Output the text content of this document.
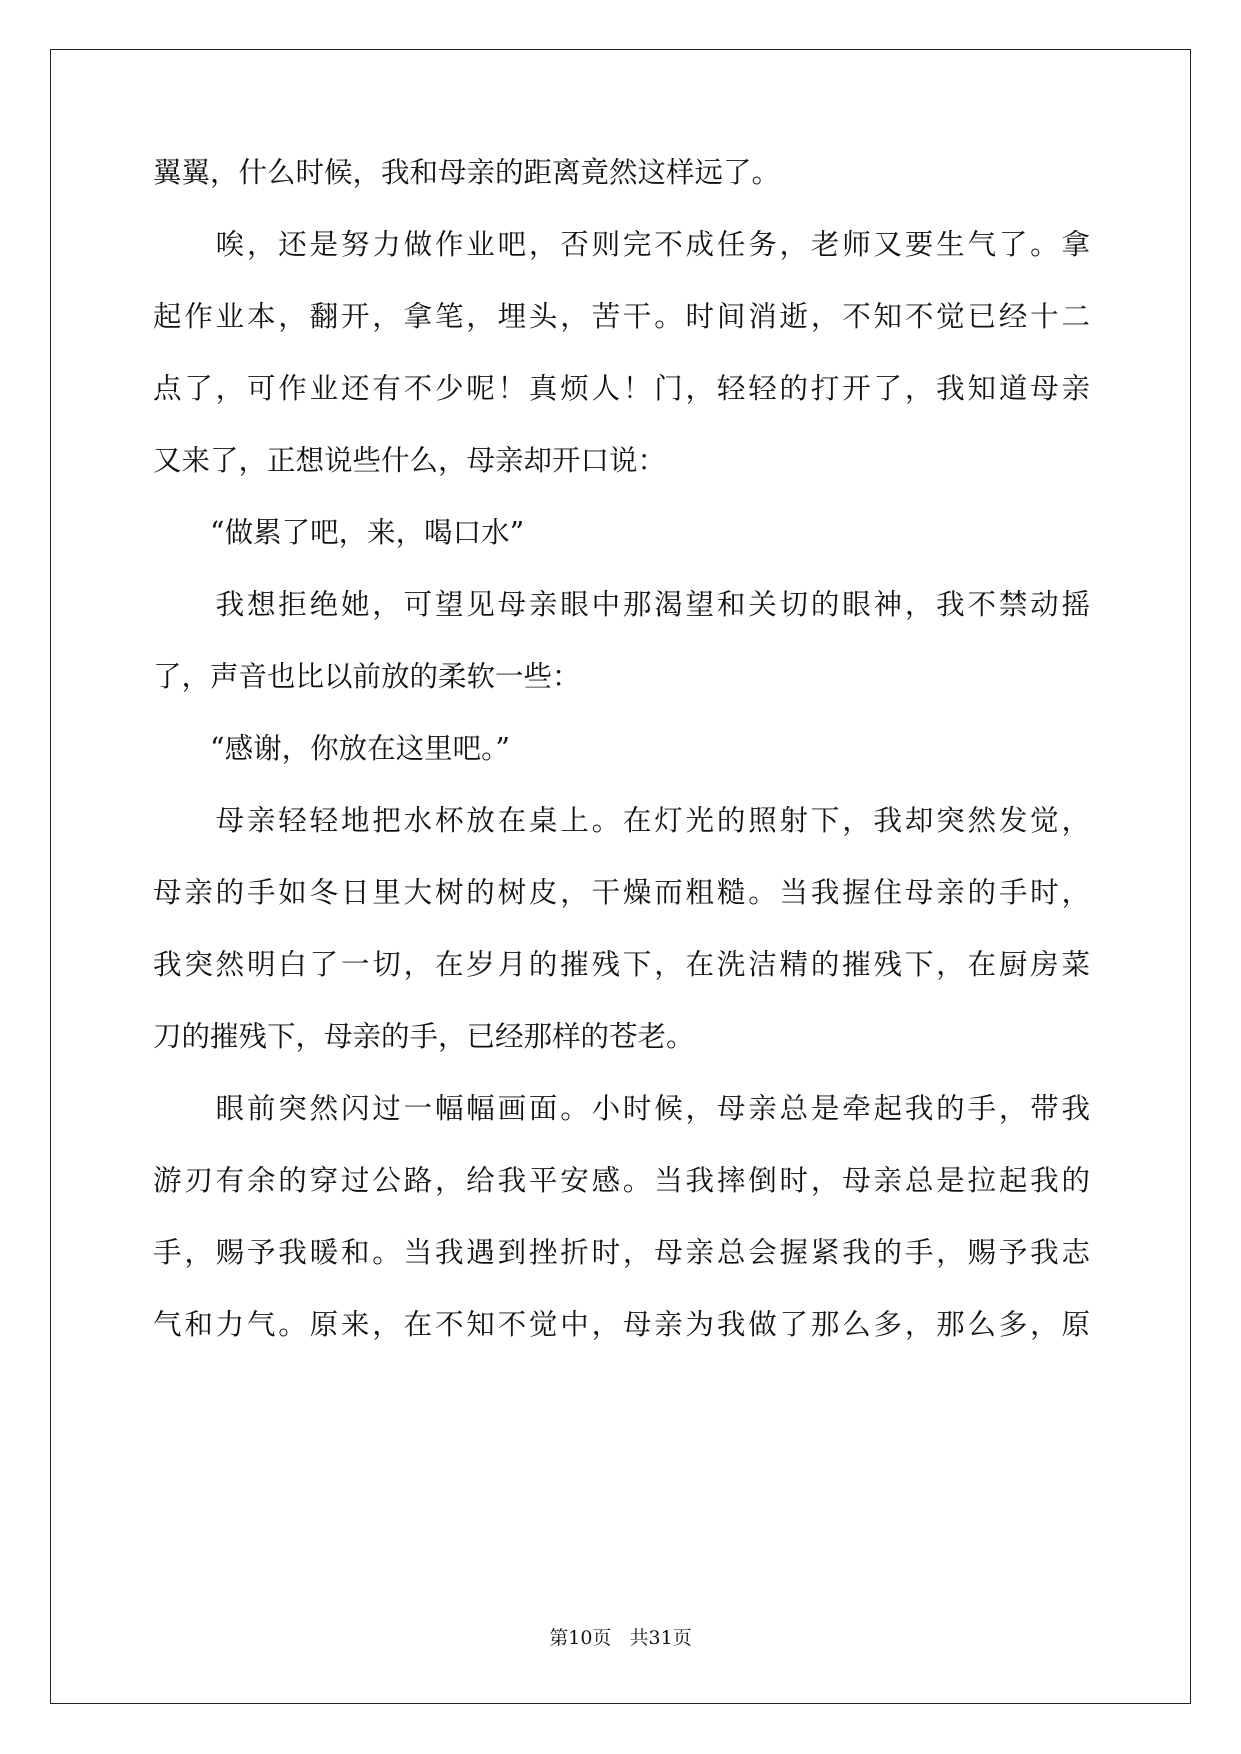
翼翼，什么时候，我和母亲的距离竟然这样远了。

　　唉，还是努力做作业吧，否则完不成任务，老师又要生气了。拿

起作业本，翻开，拿笔，埋头，苦干。时间消逝，不知不觉已经十二

点了，可作业还有不少呢！真烦人！门，轻轻的打开了，我知道母亲

又来了，正想说些什么，母亲却开口说：

　　“做累了吧，来，喝口水”

　　我想拒绝她，可望见母亲眼中那渴望和关切的眼神，我不禁动摇

了，声音也比以前放的柔软一些：

　　“感谢，你放在这里吧。”

　　母亲轻轻地把水杯放在桌上。在灯光的照射下，我却突然发觉，

母亲的手如冬日里大树的树皮，干燥而粗糙。当我握住母亲的手时，

我突然明白了一切，在岁月的摧残下，在洗洁精的摧残下，在厨房菜

刀的摧残下，母亲的手，已经那样的苍老。

　　眼前突然闪过一幅幅画面。小时候，母亲总是牵起我的手，带我

游刃有余的穿过公路，给我平安感。当我摔倒时，母亲总是拉起我的

手，赐予我暖和。当我遇到挫折时，母亲总会握紧我的手，赐予我志

气和力气。原来，在不知不觉中，母亲为我做了那么多，那么多，原

第10页   共31页
